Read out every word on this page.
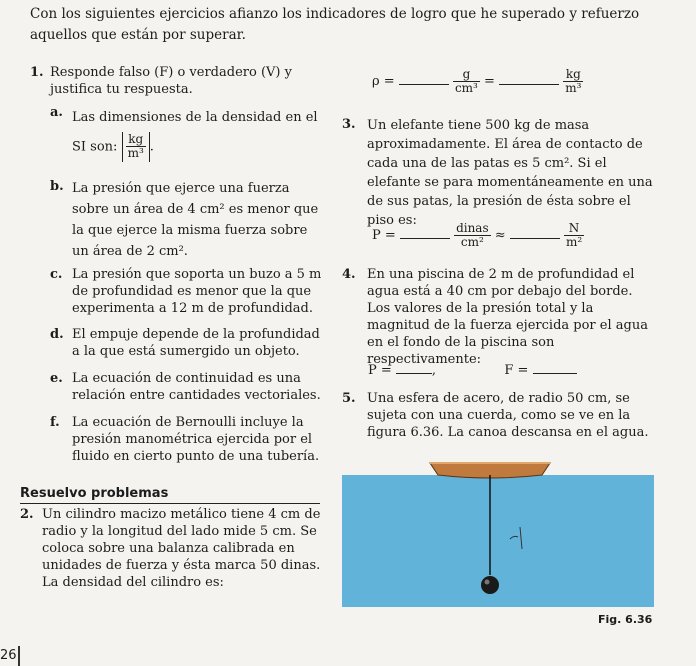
Con los siguientes ejercicios afianzo los indicadores de logro que he superado y refuerzo aquellos que están por superar.
1. Responde falso (F) o verdadero (V) y justifica tu respuesta.
a. Las dimensiones de la densidad en el SI son: $\frac{kg}{\text{m³}}$ .
b. La presión que ejerce una fuerza sobre un área de 4 cm² es menor que la que ejerce la misma fuerza sobre un área de 2 cm².
c. La presión que soporta un buzo a 5 m de profundidad es menor que la que experimenta a 12 m de profundidad.
d. El empuje depende de la profundidad a la que está sumergido un objeto.
e. La ecuación de continuidad es una relación entre cantidades vectoriales.
f. La ecuación de Bernoulli incluye la presión manométrica ejercida por el fluido en cierto punto de una tubería.
Resuelvo problemas
2. Un cilindro macizo metálico tiene 4 cm de radio y la longitud del lado mide 5 cm. Se coloca sobre una balanza calibrada en unidades de fuerza y ésta marca 50 dinas. La densidad del cilindro es:
ρ =	$\frac{g}{\text{cm³}}$ =	$\frac{kg}{\text{m³}}$
3. Un elefante tiene 500 kg de masa aproximadamente. El área de contacto de cada una de las patas es 5 cm². Si el elefante se para momentáneamente en una de sus patas, la presión de ésta sobre el piso es:
P =	$\frac{\text{dinas}}{\text{cm²}}$ ≈	$\frac{N}{\text{m²}}$
4. En una piscina de 2 m de profundidad el agua está a 40 cm por debajo del borde. Los valores de la presión total y la magnitud de la fuerza ejercida por el agua en el fondo de la piscina son respectivamente:
P =	,	F =
5. Una esfera de acero, de radio 50 cm, se sujeta con una cuerda, como se ve en la figura 6.36. La canoa descansa en el agua.
Fig. 6.36
26
